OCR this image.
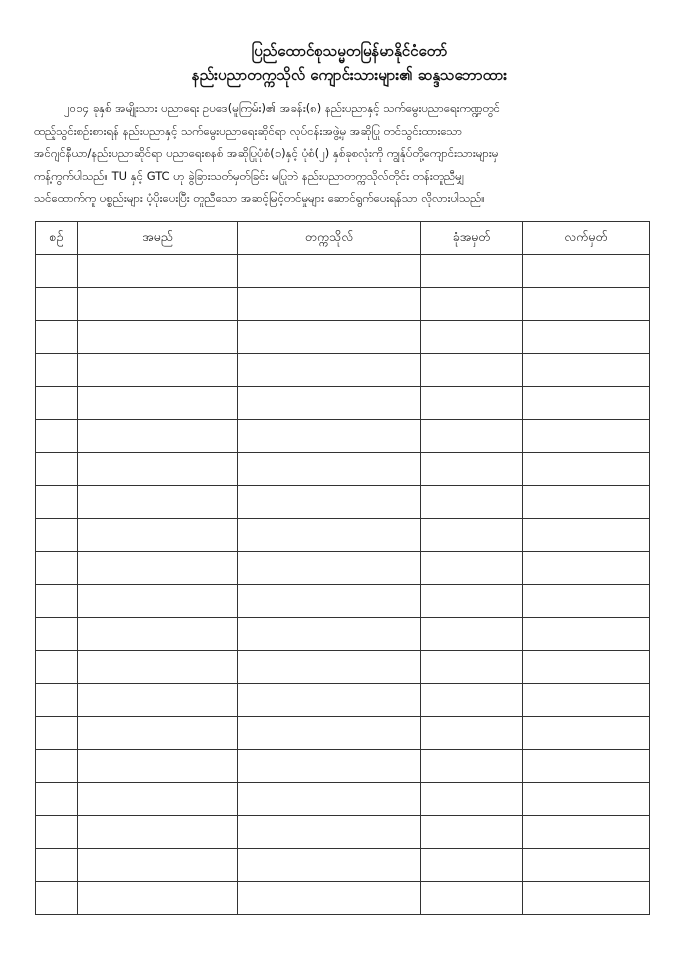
ပြည်ထောင်စုသမ္မတမြန်မာနိုင်ငံတော်
နည်းပညာတက္ကသိုလ် ကျောင်းသားများ၏ ဆန္ဒသဘောထား
၂၀၁၄ ခုနှစ် အမျိုးသား ပညာရေး ဥပဒေ(မူကြမ်း)၏ အခန်း(၈) နည်းပညာနှင့် သက်မွေးပညာရေးကဏ္ဍတွင်
ထည့်သွင်းစဉ်းစားရန် နည်းပညာနှင့် သက်မွေးပညာရေးဆိုင်ရာ လုပ်ငန်းအဖွဲ့မှ အဆိုပြု တင်သွင်းထားသော
အင်ဂျင်နီယာ/နည်းပညာဆိုင်ရာ ပညာရေးစနစ် အဆိုပြုပုံစံ(၁)နှင့် ပုံစံ(၂) နှစ်ခုစလုံးကို ကျွန်ုပ်တို့ကျောင်းသားများမှ
ကန့်ကွက်ပါသည်။ TU နှင့် GTC ဟု ခွဲခြားသတ်မှတ်ခြင်း မပြုဘဲ နည်းပညာတက္ကသိုလ်တိုင်း တန်းတူညီမျှ
သင်ထောက်ကူ ပစ္စည်းများ ပံ့ပိုးပေးပြီး တူညီသော အဆင့်မြင့်တင်မှုများ ဆောင်ရွက်ပေးရန်သာ လိုလားပါသည်။
စဉ်	အမည်	တက္ကသိုလ်	ခုံအမှတ်	လက်မှတ်
